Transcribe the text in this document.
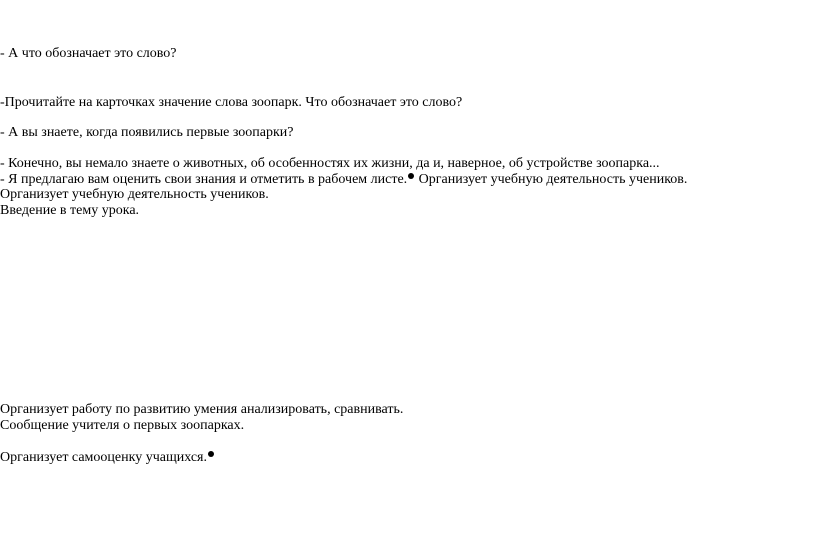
- А что обозначает это слово?
-Прочитайте на карточках значение слова зоопарк. Что обозначает это слово?
- А вы знаете, когда появились первые зоопарки?
- Конечно, вы немало знаете о животных, об особенностях их жизни, да и, наверное, об устройстве зоопарка...
- Я предлагаю вам оценить свои знания и отметить в рабочем листе. Организует учебную деятельность учеников.
Организует учебную деятельность учеников.
Введение в тему урока.
Организует работу по развитию умения анализировать, сравнивать.
Сообщение учителя о первых зоопарках.
Организует самооценку учащихся.
